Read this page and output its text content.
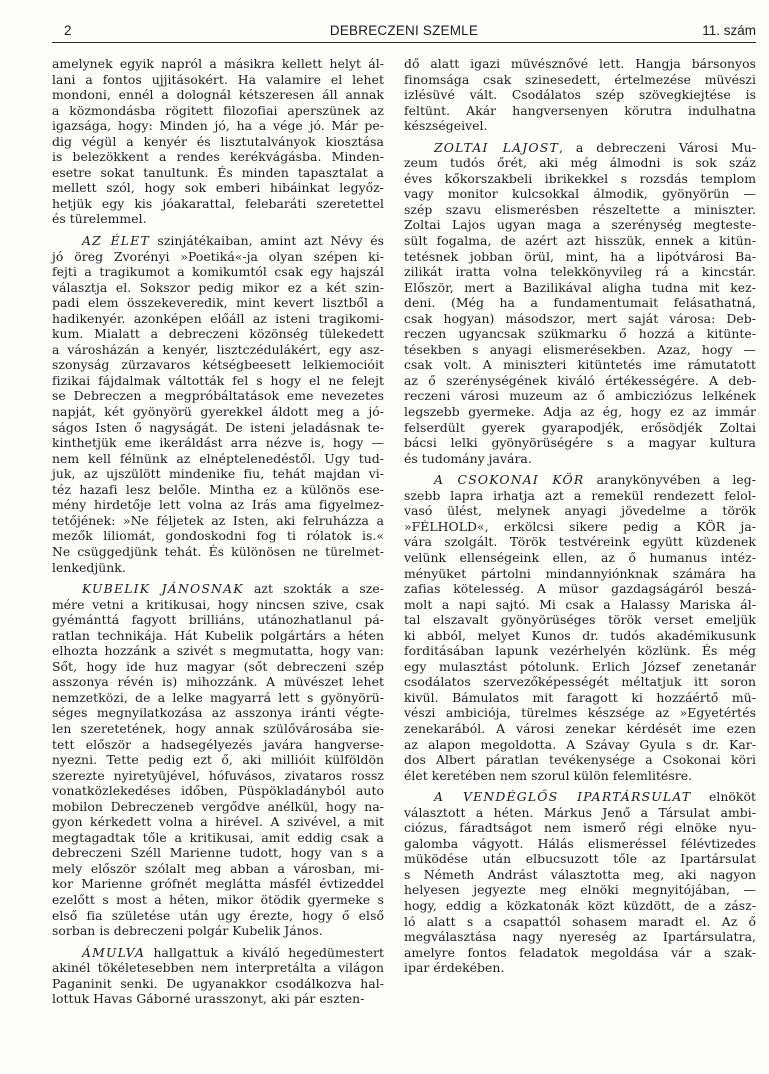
2	DEBRECZENI SZEMLE	11. szám
amelynek egyik napról a másikra kellett helyt ál-
lani a fontos ujjitásokért. Ha valamire el lehet
mondoni, ennél a dolognál kétszeresen áll annak
a közmondásba rögitett filozofiai aperszünek az
igazsága, hogy: Minden jó, ha a vége jó. Már pe-
dig végül a kenyér és lisztutalványok kiosztása
is belezökkent a rendes kerékvágásba. Minden-
esetre sokat tanultunk. És minden tapasztalat a
mellett szól, hogy sok emberi hibáinkat legyőz-
hetjük egy kis jóakarattal, felebaráti szeretettel
és türelemmel.
AZ ÉLET szinjátékaiban, amint azt Névy és
jó öreg Zvorényi »Poetiká«-ja olyan szépen ki-
fejti a tragikumot a komikumtól csak egy hajszál
választja el. Sokszor pedig mikor ez a két szin-
padi elem összekeveredik, mint kevert lisztből a
hadikenyér. azonképen előáll az isteni tragikomi-
kum. Mialatt a debreczeni közönség tülekedett
a városházán a kenyér, lisztczédulákért, egy asz-
szonyság zürzavaros kétségbeesett lelkiemocióit
fizikai fájdalmak váltották fel s hogy el ne felejt
se Debreczen a megpróbáltatások eme nevezetes
napját, két gyönyörü gyerekkel áldott meg a jó-
ságos Isten ő nagyságát. De isteni jeladásnak te-
kinthetjük eme ikeráldást arra nézve is, hogy —
nem kell félnünk az elnéptelenedéstől. Ugy tud-
juk, az ujszülött mindenike fiu, tehát majdan vi-
téz hazafi lesz belőle. Mintha ez a különös ese-
mény hirdetője lett volna az Irás ama figyelmez-
tetőjének: »Ne féljetek az Isten, aki felruházza a
mezők liliomát, gondoskodni fog ti rólatok is.«
Ne csüggedjünk tehát. És különösen ne türelmet-
lenkedjünk.
KUBELIK JÁNOSNAK azt szokták a sze-
mére vetni a kritikusai, hogy nincsen szive, csak
gyémánttá fagyott brilliáns, utánozhatlanul pá-
ratlan technikája. Hát Kubelik polgártárs a héten
elhozta hozzánk a szivét s megmutatta, hogy van:
Sőt, hogy ide huz magyar (sőt debreczeni szép
asszonya révén is) mihozzánk. A müvészet lehet
nemzetközi, de a lelke magyarrá lett s gyönyörü-
séges megnyilatkozása az asszonya iránti végte-
len szeretetének, hogy annak szülővárosába sie-
tett először a hadsegélyezés javára hangverse-
nyezni. Tette pedig ezt ő, aki millióit külföldön
szerezte nyiretyüjével, hófuvásos, zivataros rossz
vonatközlekedéses időben, Püspökladányból auto
mobilon Debreczeneb vergődve anélkül, hogy na-
gyon kérkedett volna a hirével. A szivével, a mit
megtagadtak tőle a kritikusai, amit eddig csak a
debreczeni Széll Marienne tudott, hogy van s a
mely először szólalt meg abban a városban, mi-
kor Marienne grófnét meglátta másfél évtizeddel
ezelőtt s most a héten, mikor ötödik gyermeke s
első fia születése után ugy érezte, hogy ő első
sorban is debreczeni polgár Kubelik János.
ÁMULVA hallgattuk a kiváló hegedümestert
akinél tökéletesebben nem interpretálta a világon
Paganinit senki. De ugyanakkor csodálkozva hal-
lottuk Havas Gáborné urasszonyt, aki pár eszten-
dő alatt igazi müvésznővé lett. Hangja bársonyos
finomsága csak szinesedett, értelmezése müvészi
izlésüvé vált. Csodálatos szép szövegkiejtése is
feltünt. Akár hangversenyen körutra indulhatna
készségeivel.
ZOLTAI LAJOST, a debreczeni Városi Mu-
zeum tudós őrét, aki még álmodni is sok száz
éves kőkorszakbeli ibrikekkel s rozsdás templom
vagy monitor kulcsokkal álmodik, gyönyörün —
szép szavu elismerésben részeltette a miniszter.
Zoltai Lajos ugyan maga a szerénység megteste-
sült fogalma, de azért azt hisszük, ennek a kitün-
tetésnek jobban örül, mint, ha a lipótvárosi Ba-
zilikát iratta volna telekkönyvileg rá a kincstár.
Először, mert a Bazilikával aligha tudna mit kez-
deni. (Még ha a fundamentumait felásathatná,
csak hogyan) másodszor, mert saját városa: Deb-
reczen ugyancsak szükmarku ő hozzá a kitünte-
tésekben s anyagi elismerésekben. Azaz, hogy —
csak volt. A miniszteri kitüntetés ime rámutatott
az ő szerénységének kiváló értékességére. A deb-
reczeni városi muzeum az ő ambicziózus lelkének
legszebb gyermeke. Adja az ég, hogy ez az immár
felserdült gyerek gyarapodjék, erősödjék Zoltai
bácsi lelki gyönyörüségére s a magyar kultura
és tudomány javára.
A CSOKONAI KÖR aranykönyvében a leg-
szebb lapra irhatja azt a remekül rendezett felol-
vasó ülést, melynek anyagi jövedelme a török
»FÉLHOLD«, erkölcsi sikere pedig a KÖR ja-
vára szolgált. Török testvéreink együtt küzdenek
velünk ellenségeink ellen, az ő humanus intéz-
ményüket pártolni mindannyiónknak számára ha
zafias kötelesség. A müsor gazdagságáról beszá-
molt a napi sajtó. Mi csak a Halassy Mariska ál-
tal elszavalt gyönyörüséges török verset emeljük
ki abból, melyet Kunos dr. tudós akadémikusunk
forditásában lapunk vezérhelyén közlünk. És még
egy mulasztást pótolunk. Erlich József zenetanár
csodálatos szervezőképességét méltatjuk itt soron
kivül. Bámulatos mit faragott ki hozzáértő mü-
vészi ambiciója, türelmes készsége az »Egyetértés
zenekarából. A városi zenekar kérdését ime ezen
az alapon megoldotta. A Szávay Gyula s dr. Kar-
dos Albert páratlan tevékenysége a Csokonai köri
élet keretében nem szorul külön felemlitésre.
A VENDÉGLŐS IPARTÁRSULAT elnököt
választott a héten. Márkus Jenő a Társulat ambi-
ciózus, fáradtságot nem ismerő régi elnöke nyu-
galomba vágyott. Hálás elismeréssel félévtizedes
müködése után elbucsuzott tőle az Ipartársulat
s Németh Andrást választotta meg, aki nagyon
helyesen jegyezte meg elnöki megnyitójában, —
hogy, eddig a közkatonák közt küzdött, de a zász-
ló alatt s a csapattól sohasem maradt el. Az ő
megválasztása nagy nyereség az Ipartársulatra,
amelyre fontos feladatok megoldása vár a szak-
ipar érdekében.
